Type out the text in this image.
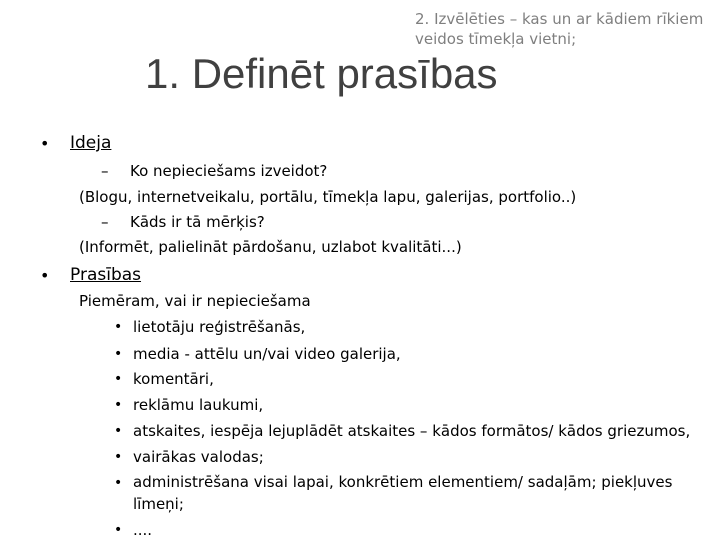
2. Izvēlēties – kas un ar kādiem rīkiem
veidos tīmekļa vietni;
1. Definēt prasības
• Ideja
– Ko nepieciešams izveidot?
(Blogu, internetveikalu, portālu, tīmekļa lapu, galerijas, portfolio..)
– Kāds ir tā mērķis?
(Informēt, palielināt pārdošanu, uzlabot kvalitāti...)
• Prasības
Piemēram, vai ir nepieciešama
• lietotāju reģistrēšanās,
• media - attēlu un/vai video galerija,
• komentāri,
• reklāmu laukumi,
• atskaites, iespēja lejuplādēt atskaites – kādos formātos/ kādos griezumos,
• vairākas valodas;
• administrēšana visai lapai, konkrētiem elementiem/ sadaļām; piekļuves līmeņi;
• ....
